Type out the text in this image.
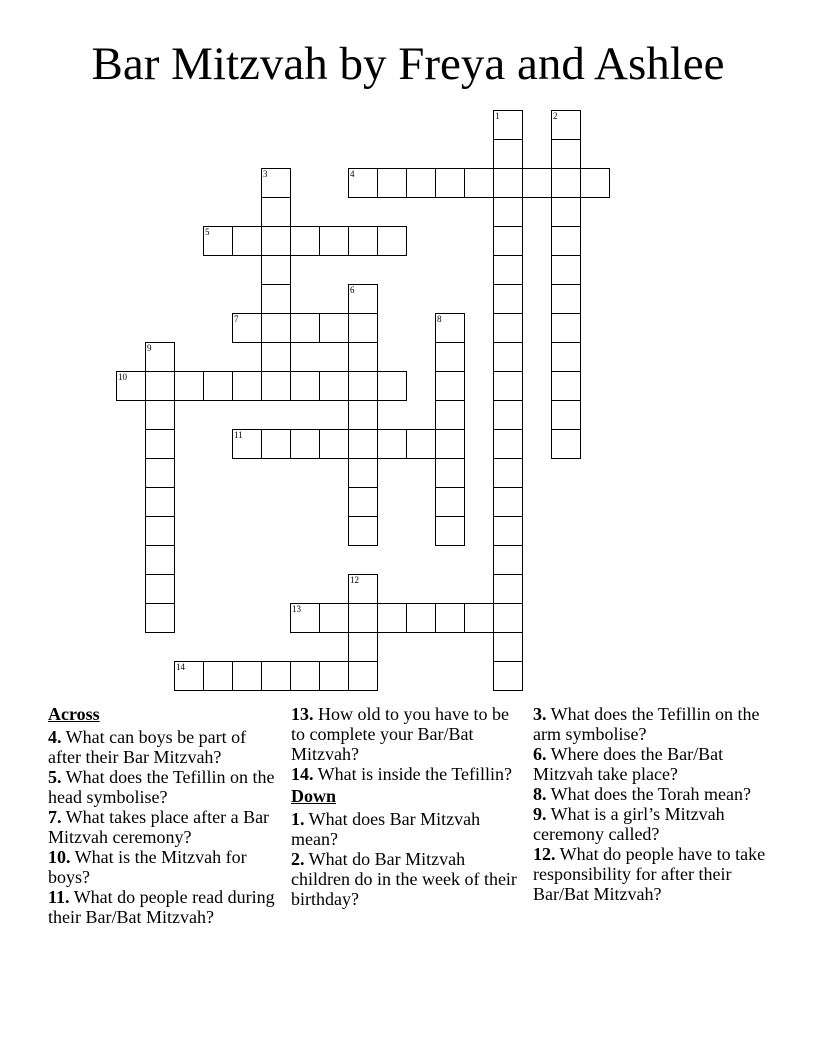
Bar Mitzvah by Freya and Ashlee
1	2
3	4
5
6
7	8
9
10
11
12
13
14
Across
4. What can boys be part of after their Bar Mitzvah?
5. What does the Tefillin on the head symbolise?
7. What takes place after a Bar Mitzvah ceremony?
10. What is the Mitzvah for boys?
11. What do people read during their Bar/Bat Mitzvah?
13. How old to you have to be to complete your Bar/Bat Mitzvah?
14. What is inside the Tefillin?
Down
1. What does Bar Mitzvah mean?
2. What do Bar Mitzvah children do in the week of their birthday?
3. What does the Tefillin on the arm symbolise?
6. Where does the Bar/Bat Mitzvah take place?
8. What does the Torah mean?
9. What is a girl’s Mitzvah ceremony called?
12. What do people have to take responsibility for after their Bar/Bat Mitzvah?
